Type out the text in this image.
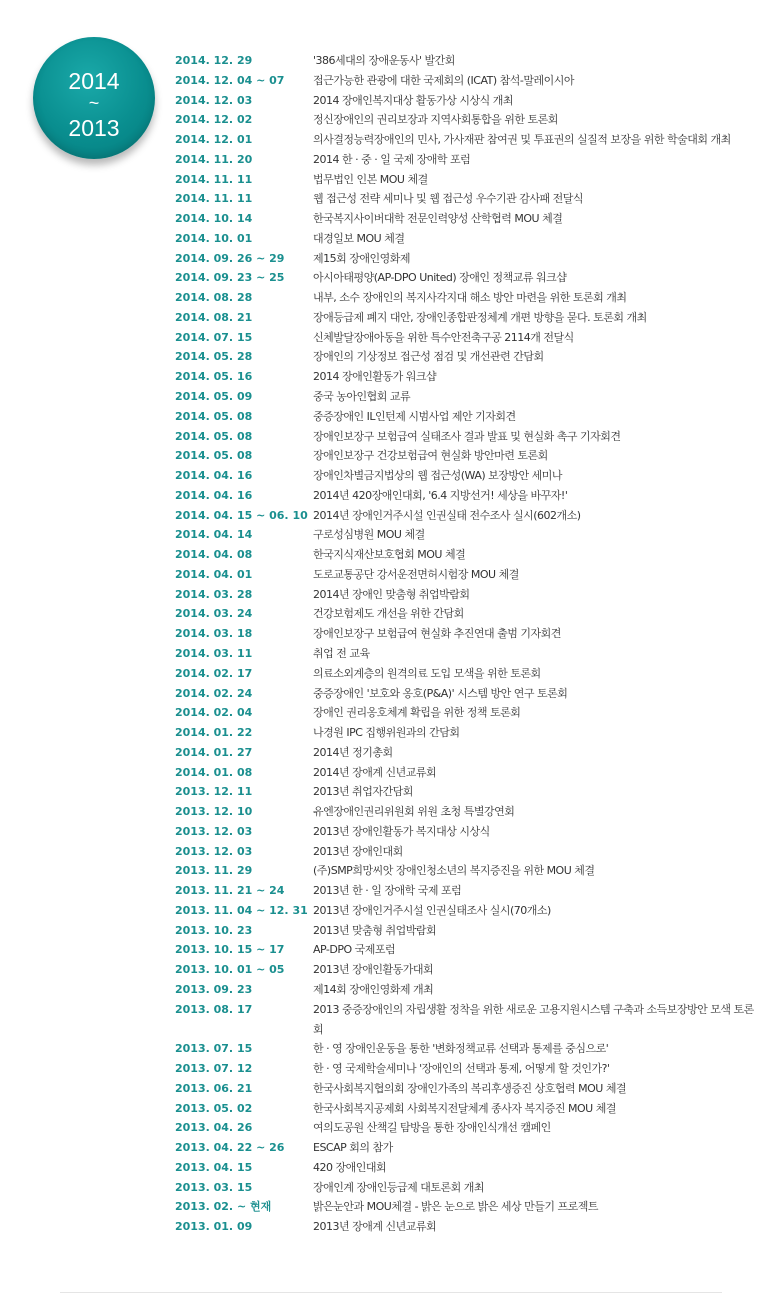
2014
~
2013
2014. 12. 29	'386세대의 장애운동사' 발간회
2014. 12. 04 ~ 07	접근가능한 관광에 대한 국제회의 (ICAT) 참석-말레이시아
2014. 12. 03	2014 장애인복지대상 활동가상 시상식 개최
2014. 12. 02	정신장애인의 권리보장과 지역사회통합을 위한 토론회
2014. 12. 01	의사결정능력장애인의 민사, 가사재판 참여권 및 투표권의 실질적 보장을 위한 학술대회 개최
2014. 11. 20	2014 한 · 중 · 일 국제 장애학 포럼
2014. 11. 11	법무법인 인본 MOU 체결
2014. 11. 11	웹 접근성 전략 세미나 및 웹 접근성 우수기관 감사패 전달식
2014. 10. 14	한국복지사이버대학 전문인력양성 산학협력 MOU 체결
2014. 10. 01	대경일보 MOU 체결
2014. 09. 26 ~ 29	제15회 장애인영화제
2014. 09. 23 ~ 25	아시아태평양(AP-DPO United) 장애인 정책교류 워크샵
2014. 08. 28	내부, 소수 장애인의 복지사각지대 해소 방안 마련을 위한 토론회 개최
2014. 08. 21	장애등급제 폐지 대안, 장애인종합판정체계 개편 방향을 묻다. 토론회 개최
2014. 07. 15	신체발달장애아동을 위한 특수안전축구공 2114개 전달식
2014. 05. 28	장애인의 기상정보 접근성 점검 및 개선관련 간담회
2014. 05. 16	2014 장애인활동가 워크샵
2014. 05. 09	중국 농아인협회 교류
2014. 05. 08	중증장애인 IL인턴제 시범사업 제안 기자회견
2014. 05. 08	장애인보장구 보험급여 실태조사 결과 발표 및 현실화 촉구 기자회견
2014. 05. 08	장애인보장구 건강보험급여 현실화 방안마련 토론회
2014. 04. 16	장애인차별금지법상의 웹 접근성(WA) 보장방안 세미나
2014. 04. 16	2014년 420장애인대회, '6.4 지방선거! 세상을 바꾸자!'
2014. 04. 15 ~ 06. 10 2014년 장애인거주시설 인권실태 전수조사 실시(602개소)
2014. 04. 14	구로성심병원 MOU 체결
2014. 04. 08	한국지식재산보호협회 MOU 체결
2014. 04. 01	도로교통공단 강서운전면허시험장 MOU 체결
2014. 03. 28	2014년 장애인 맞춤형 취업박람회
2014. 03. 24	건강보험제도 개선을 위한 간담회
2014. 03. 18	장애인보장구 보험급여 현실화 추진연대 출범 기자회견
2014. 03. 11	취업 전 교육
2014. 02. 17	의료소외계층의 원격의료 도입 모색을 위한 토론회
2014. 02. 24	중증장애인 '보호와 옹호(P&A)' 시스템 방안 연구 토론회
2014. 02. 04	장애인 권리옹호체계 확립을 위한 정책 토론회
2014. 01. 22	나경원 IPC 집행위원과의 간담회
2014. 01. 27	2014년 정기총회
2014. 01. 08	2014년 장애계 신년교류회
2013. 12. 11	2013년 취업자간담회
2013. 12. 10	유엔장애인권리위원회 위원 초청 특별강연회
2013. 12. 03	2013년 장애인활동가 복지대상 시상식
2013. 12. 03	2013년 장애인대회
2013. 11. 29	(주)SMP희망씨앗 장애인청소년의 복지증진을 위한 MOU 체결
2013. 11. 21 ~ 24	2013년 한 · 일 장애학 국제 포럼
2013. 11. 04 ~ 12. 31 2013년 장애인거주시설 인권실태조사 실시(70개소)
2013. 10. 23	2013년 맞춤형 취업박람회
2013. 10. 15 ~ 17	AP-DPO 국제포럼
2013. 10. 01 ~ 05	2013년 장애인활동가대회
2013. 09. 23	제14회 장애인영화제 개최
2013. 08. 17	2013 중증장애인의 자립생활 정착을 위한 새로운 고용지원시스템 구축과 소득보장방안 모색 토론회
2013. 07. 15	한 · 영 장애인운동을 통한 '변화정책교류 선택과 통제를 중심으로'
2013. 07. 12	한 · 영 국제학술세미나 '장애인의 선택과 통제, 어떻게 할 것인가?'
2013. 06. 21	한국사회복지협의회 장애인가족의 복리후생증진 상호협력 MOU 체결
2013. 05. 02	한국사회복지공제회 사회복지전달체계 종사자 복지증진 MOU 체결
2013. 04. 26	여의도공원 산책길 탐방을 통한 장애인식개선 캠페인
2013. 04. 22 ~ 26	ESCAP 회의 참가
2013. 04. 15	420 장애인대회
2013. 03. 15	장애인계 장애인등급제 대토론회 개최
2013. 02. ~ 현재	밝은눈안과 MOU체결 - 밝은 눈으로 밝은 세상 만들기 프로젝트
2013. 01. 09	2013년 장애계 신년교류회
